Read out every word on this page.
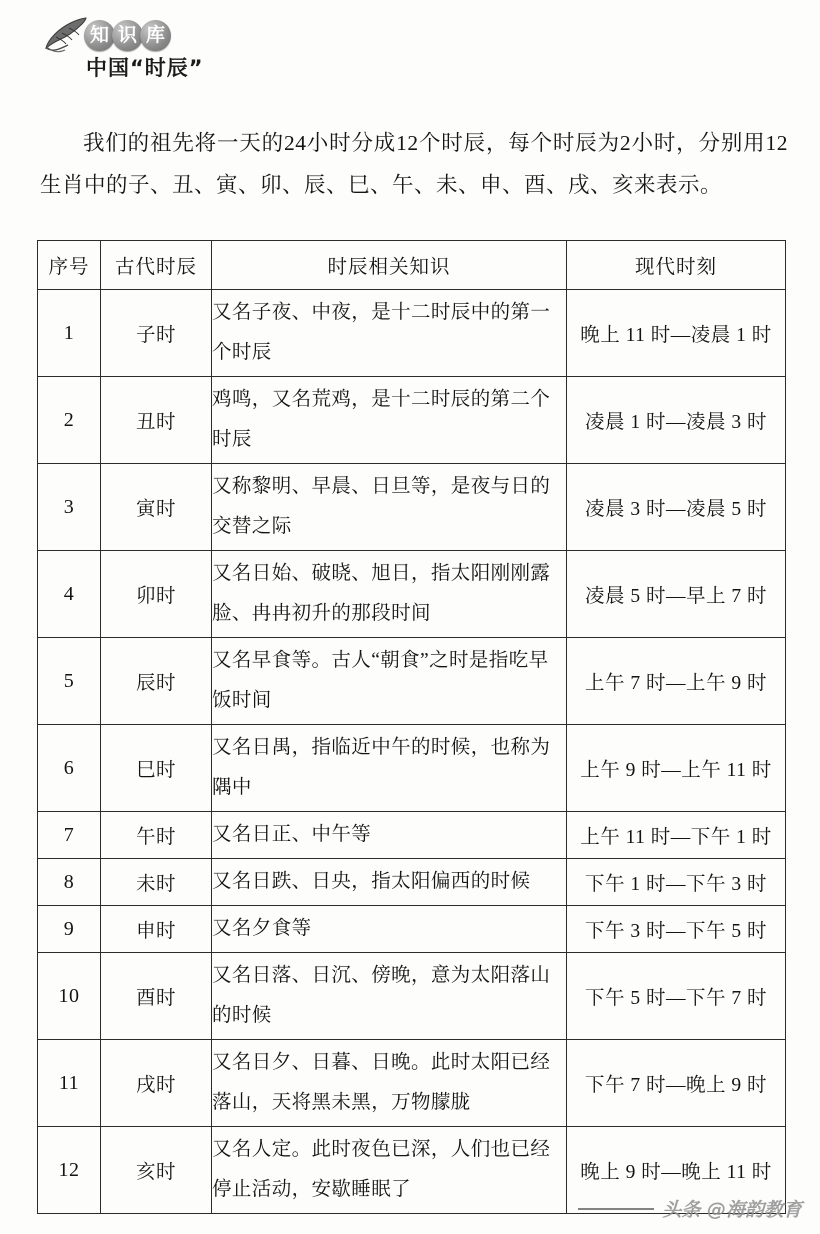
知 识 库
中国“时辰”

我们的祖先将一天的24小时分成12个时辰，每个时辰为2小时，分别用12生肖中的子、丑、寅、卯、辰、巳、午、未、申、酉、戌、亥来表示。

序号	古代时辰	时辰相关知识	现代时刻
1	子时	又名子夜、中夜，是十二时辰中的第一个时辰	晚上 11 时—凌晨 1 时
2	丑时	鸡鸣，又名荒鸡，是十二时辰的第二个时辰	凌晨 1 时—凌晨 3 时
3	寅时	又称黎明、早晨、日旦等，是夜与日的交替之际	凌晨 3 时—凌晨 5 时
4	卯时	又名日始、破晓、旭日，指太阳刚刚露脸、冉冉初升的那段时间	凌晨 5 时—早上 7 时
5	辰时	又名早食等。古人“朝食”之时是指吃早饭时间	上午 7 时—上午 9 时
6	巳时	又名日禺，指临近中午的时候，也称为隅中	上午 9 时—上午 11 时
7	午时	又名日正、中午等	上午 11 时—下午 1 时
8	未时	又名日跌、日央，指太阳偏西的时候	下午 1 时—下午 3 时
9	申时	又名夕食等	下午 3 时—下午 5 时
10	酉时	又名日落、日沉、傍晚，意为太阳落山的时候	下午 5 时—下午 7 时
11	戌时	又名日夕、日暮、日晚。此时太阳已经落山，天将黑未黑，万物朦胧	下午 7 时—晚上 9 时
12	亥时	又名人定。此时夜色已深，人们也已经停止活动，安歇睡眠了	晚上 9 时—晚上 11 时
头条 @海韵教育
